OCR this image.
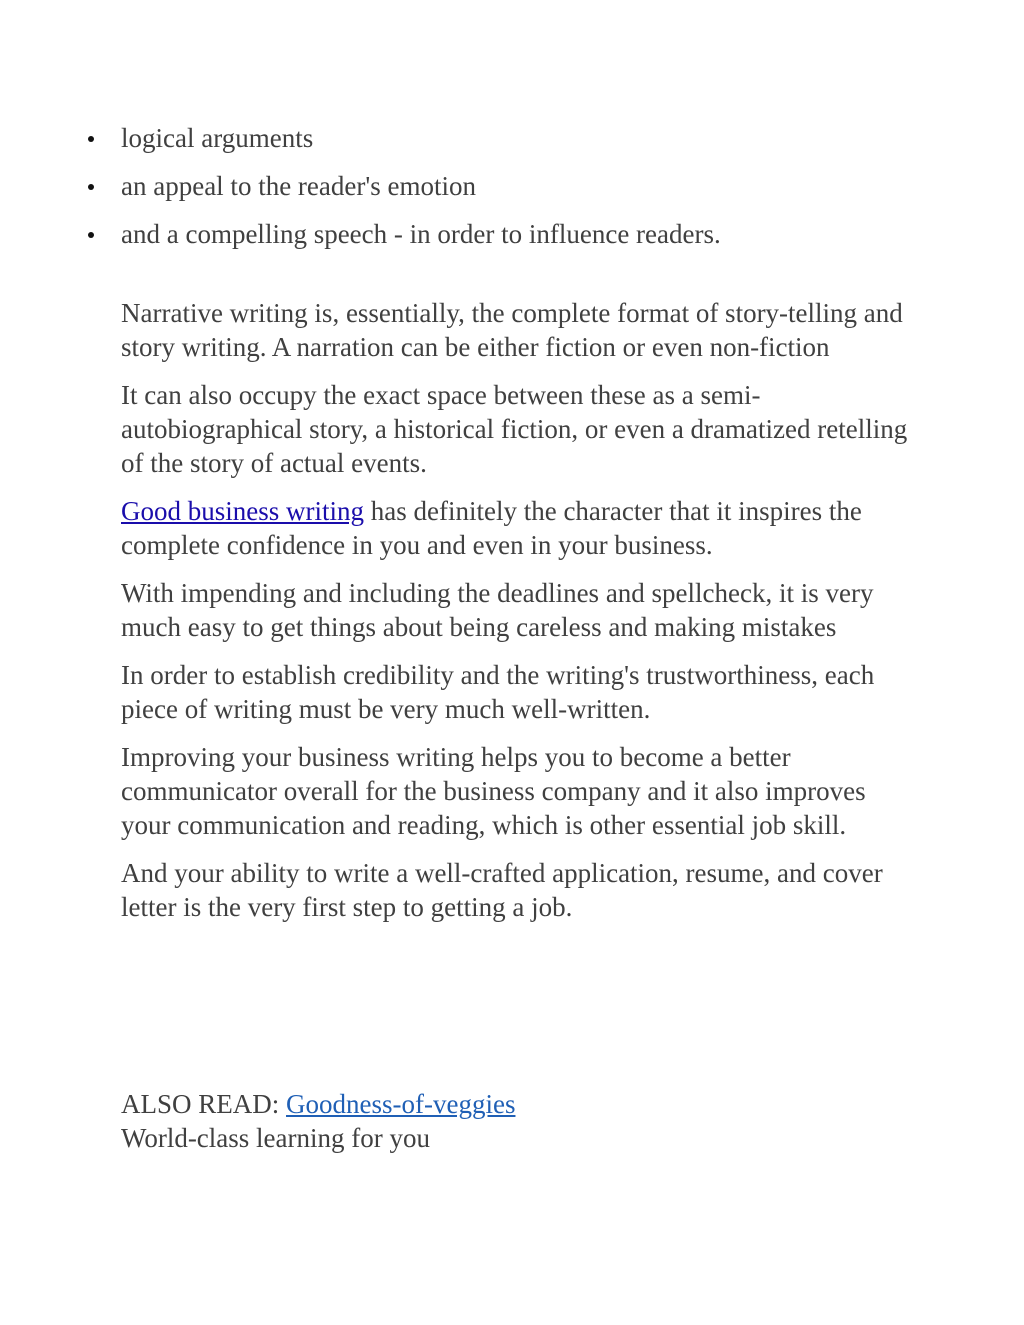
logical arguments
an appeal to the reader's emotion
and a compelling speech - in order to influence readers.

Narrative writing is, essentially, the complete format of story-telling and story writing. A narration can be either fiction or even non-fiction

It can also occupy the exact space between these as a semi-autobiographical story, a historical fiction, or even a dramatized retelling of the story of actual events.

Good business writing has definitely the character that it inspires the complete confidence in you and even in your business.

With impending and including the deadlines and spellcheck, it is very much easy to get things about being careless and making mistakes

In order to establish credibility and the writing's trustworthiness, each piece of writing must be very much well-written.

Improving your business writing helps you to become a better communicator overall for the business company and it also improves your communication and reading, which is other essential job skill.

And your ability to write a well-crafted application, resume, and cover letter is the very first step to getting a job.

ALSO READ: Goodness-of-veggies
World-class learning for you
